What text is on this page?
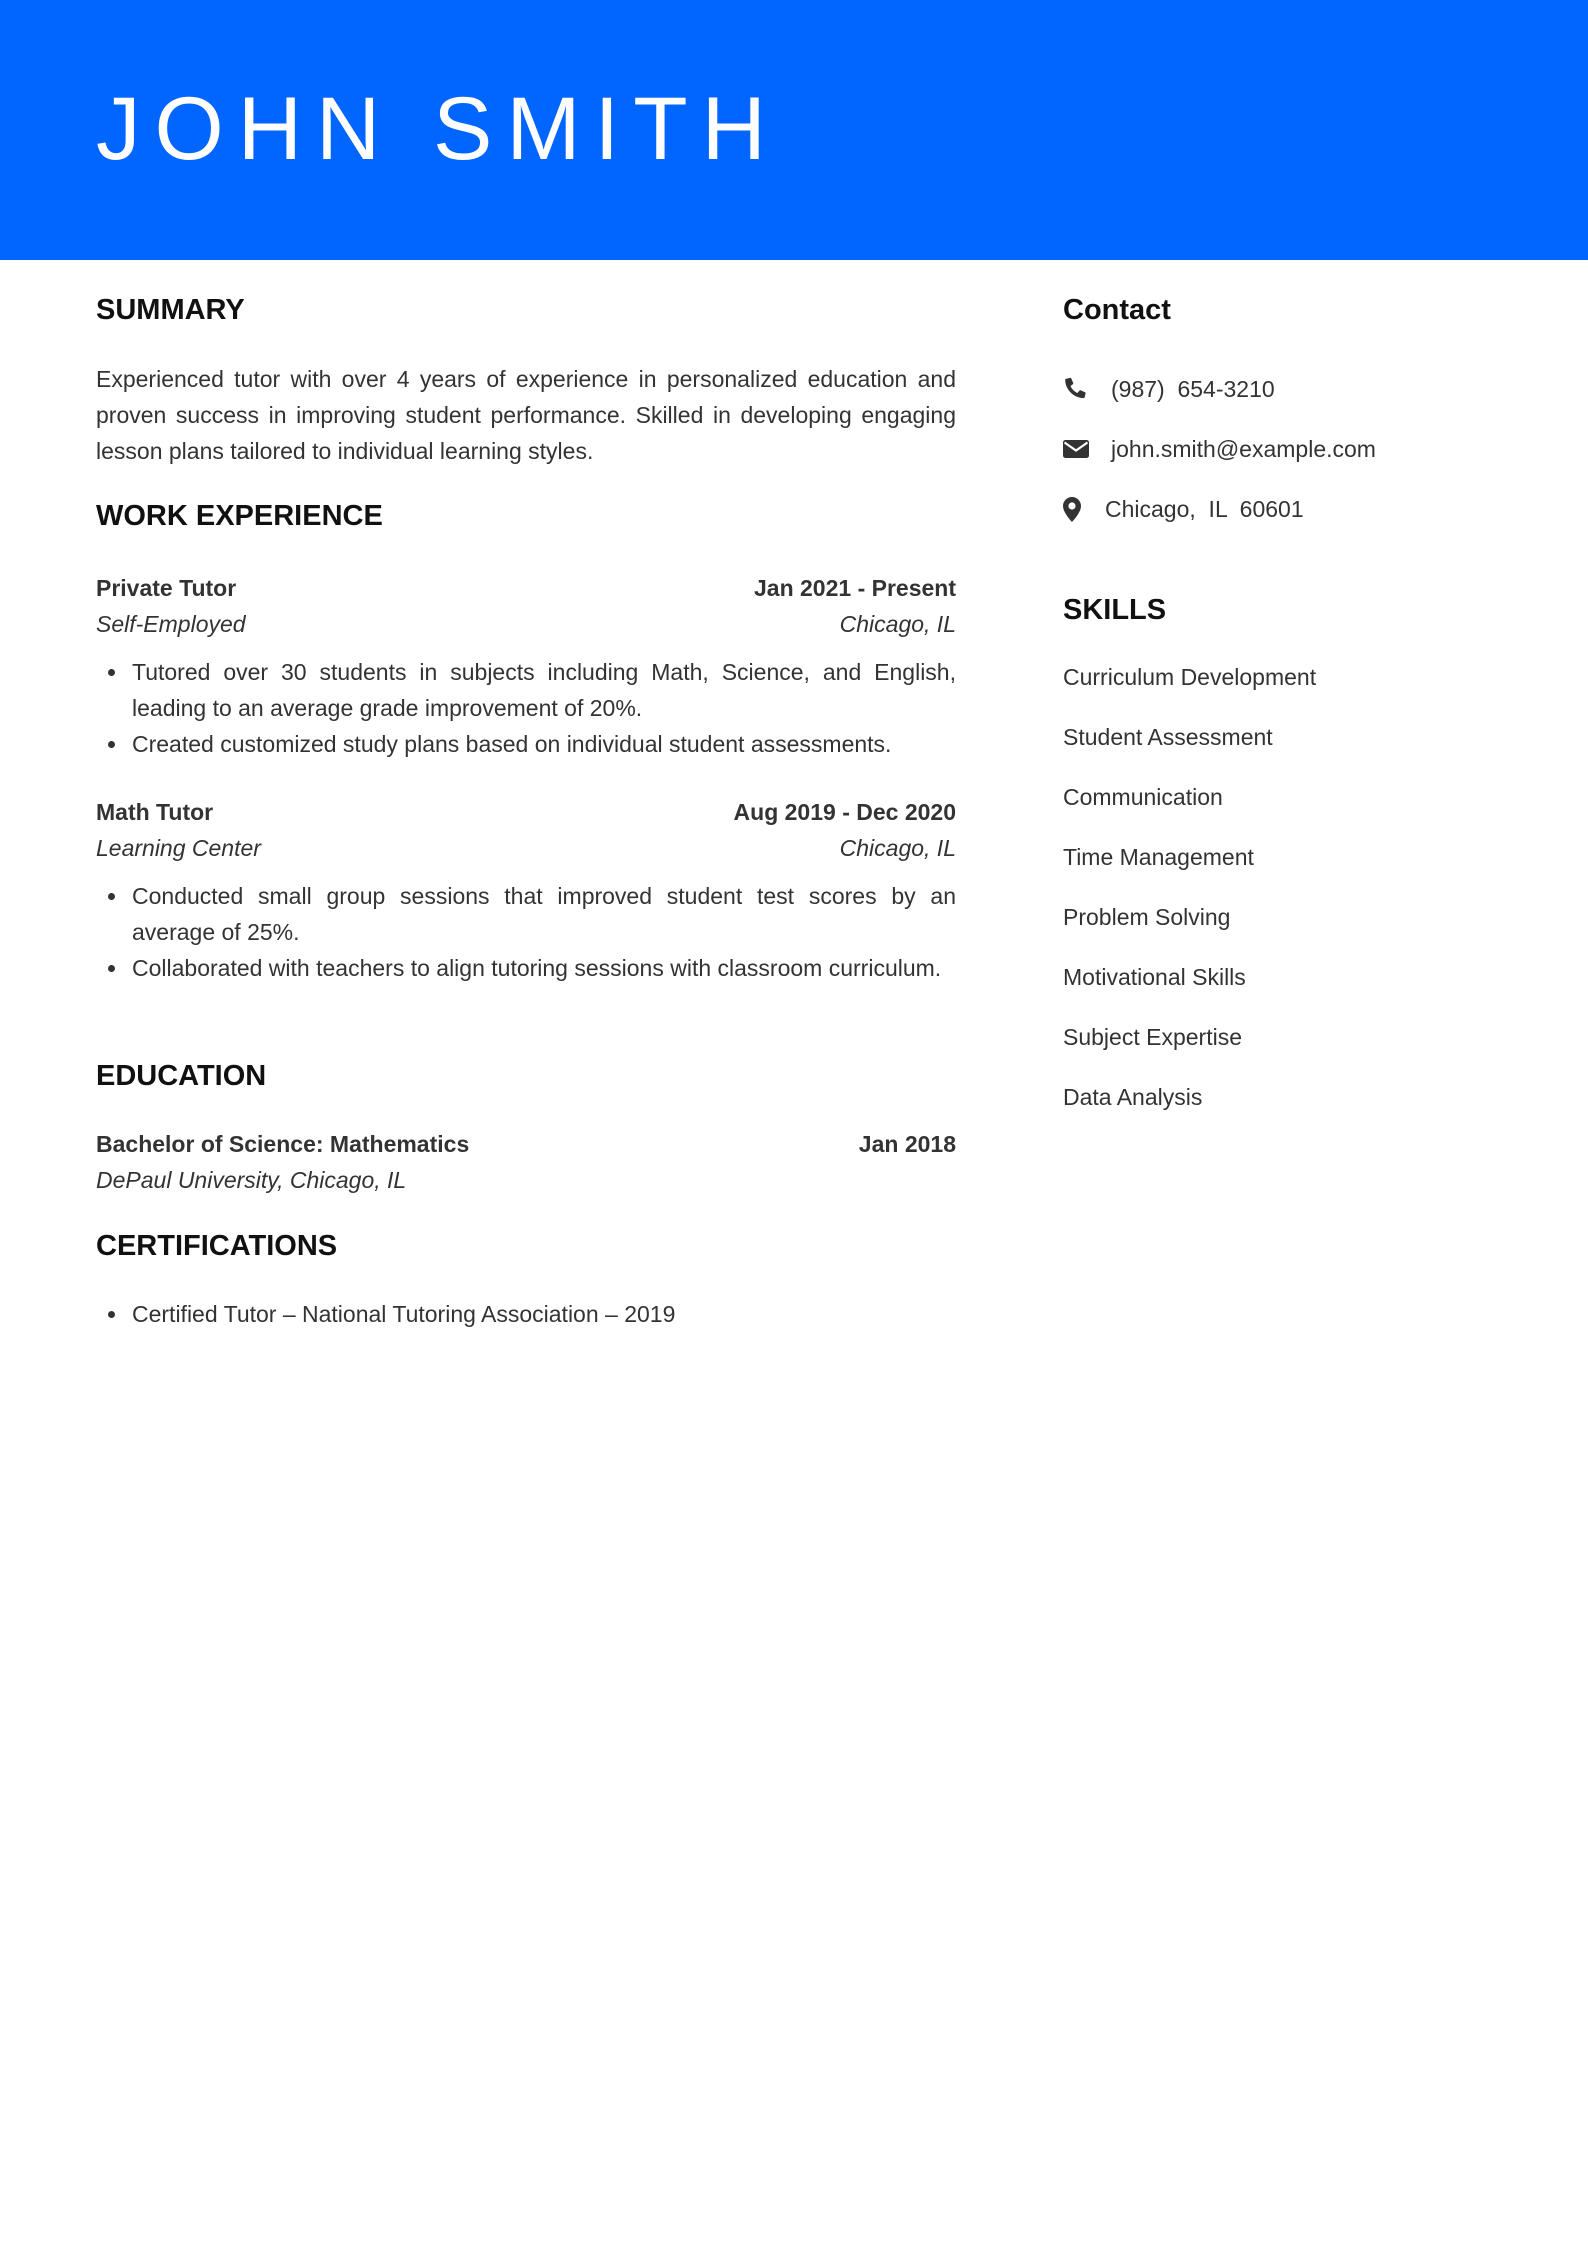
JOHN SMITH
SUMMARY

Experienced tutor with over 4 years of experience in personalized education and proven success in improving student performance. Skilled in developing engaging lesson plans tailored to individual learning styles.

WORK EXPERIENCE
Private Tutor	Jan 2021 - Present
Self-Employed	Chicago, IL
Tutored over 30 students in subjects including Math, Science, and English, leading to an average grade improvement of 20%.
Created customized study plans based on individual student assessments.
Math Tutor	Aug 2019 - Dec 2020
Learning Center	Chicago, IL
Conducted small group sessions that improved student test scores by an average of 25%.
Collaborated with teachers to align tutoring sessions with classroom curriculum.
EDUCATION
Bachelor of Science: Mathematics	Jan 2018
DePaul University, Chicago, IL
CERTIFICATIONS
Certified Tutor – National Tutoring Association – 2019
Contact
(987)  654-3210
john.smith@example.com
Chicago,  IL  60601
SKILLS
Curriculum Development
Student Assessment
Communication
Time Management
Problem Solving
Motivational Skills
Subject Expertise
Data Analysis
